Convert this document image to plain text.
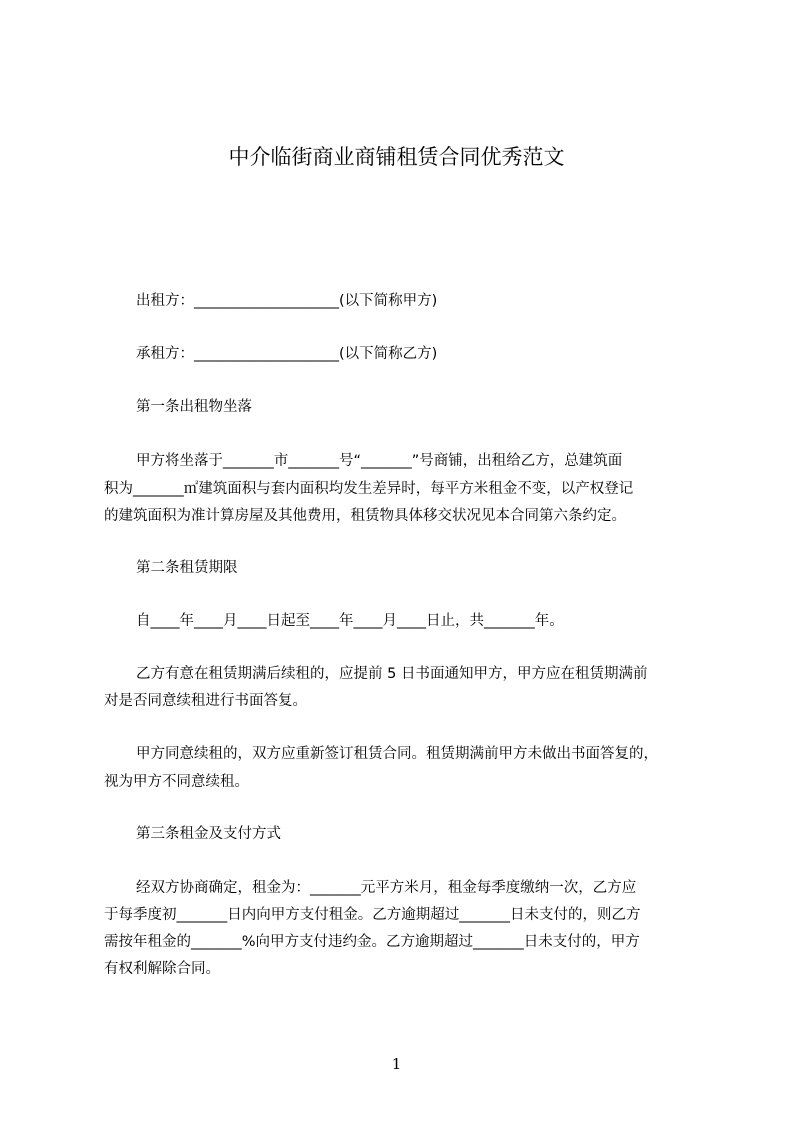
中介临街商业商铺租赁合同优秀范文
出租方：____________________(以下简称甲方)
承租方：____________________(以下简称乙方)
第一条出租物坐落
甲方将坐落于_______市_______号“_______”号商铺，出租给乙方，总建筑面
积为_______㎡建筑面积与套内面积均发生差异时，每平方米租金不变，以产权登记
的建筑面积为准计算房屋及其他费用，租赁物具体移交状况见本合同第六条约定。
第二条租赁期限
自____年____月____日起至____年____月____日止，共_______年。
乙方有意在租赁期满后续租的，应提前 5 日书面通知甲方，甲方应在租赁期满前
对是否同意续租进行书面答复。
甲方同意续租的，双方应重新签订租赁合同。租赁期满前甲方未做出书面答复的，
视为甲方不同意续租。
第三条租金及支付方式
经双方协商确定，租金为：_______元平方米月，租金每季度缴纳一次，乙方应
于每季度初_______日内向甲方支付租金。乙方逾期超过_______日未支付的，则乙方
需按年租金的_______%向甲方支付违约金。乙方逾期超过_______日未支付的，甲方
有权利解除合同。
1
